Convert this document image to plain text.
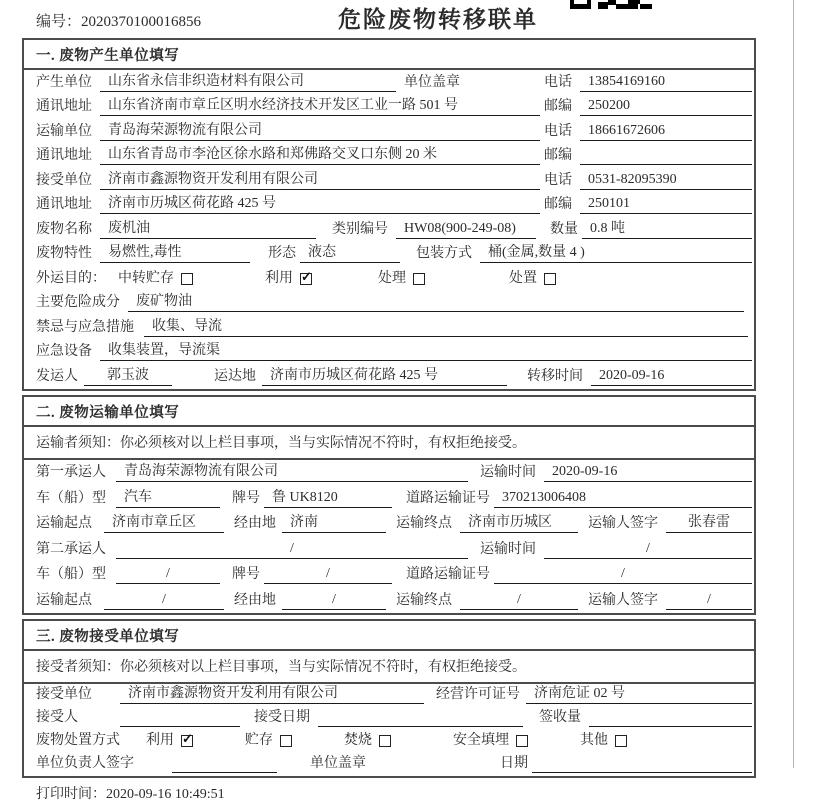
编号：2020370100016856	危险废物转移联单
一. 废物产生单位填写
产生单位	山东省永信非织造材料有限公司	单位盖章	电话	13854169160
通讯地址	山东省济南市章丘区明水经济技术开发区工业一路 501 号	邮编	250200
运输单位	青岛海荣源物流有限公司	电话	18661672606
通讯地址	山东省青岛市李沧区徐水路和郑佛路交叉口东侧 20 米	邮编
接受单位	济南市鑫源物资开发利用有限公司	电话	0531-82095390
通讯地址	济南市历城区荷花路 425 号	邮编	250101
废物名称	废机油	类别编号	HW08(900-249-08)	数量 0.8 吨
废物特性	易燃性,毒性	形态 液态	包装方式	桶(金属,数量 4 )
外运目的： 中转贮存	利用 ✓	处理	处置
主要危险成分	废矿物油
禁忌与应急措施	收集、导流
应急设备	收集装置，导流渠
发运人	郭玉波	运达地	济南市历城区荷花路 425 号	转移时间	2020-09-16
二. 废物运输单位填写
运输者须知：你必须核对以上栏目事项，当与实际情况不符时，有权拒绝接受。
第一承运人	青岛海荣源物流有限公司	运输时间	2020-09-16
车（船）型	汽车	牌号 鲁 UK8120	道路运输证号 370213006408
运输起点	济南市章丘区	经由地	济南	运输终点	济南市历城区	运输人签字	张春雷
第二承运人	/	运输时间	/
车（船）型	/	牌号	/	道路运输证号	/
运输起点	/	经由地	/	运输终点	/	运输人签字	/
三. 废物接受单位填写
接受者须知：你必须核对以上栏目事项，当与实际情况不符时，有权拒绝接受。
接受单位	济南市鑫源物资开发利用有限公司	经营许可证号	济南危证 02 号
接受人	接受日期	签收量
废物处置方式	利用 ✓	贮存	焚烧	安全填埋	其他
单位负责人签字	单位盖章	日期
打印时间：2020-09-16 10:49:51
